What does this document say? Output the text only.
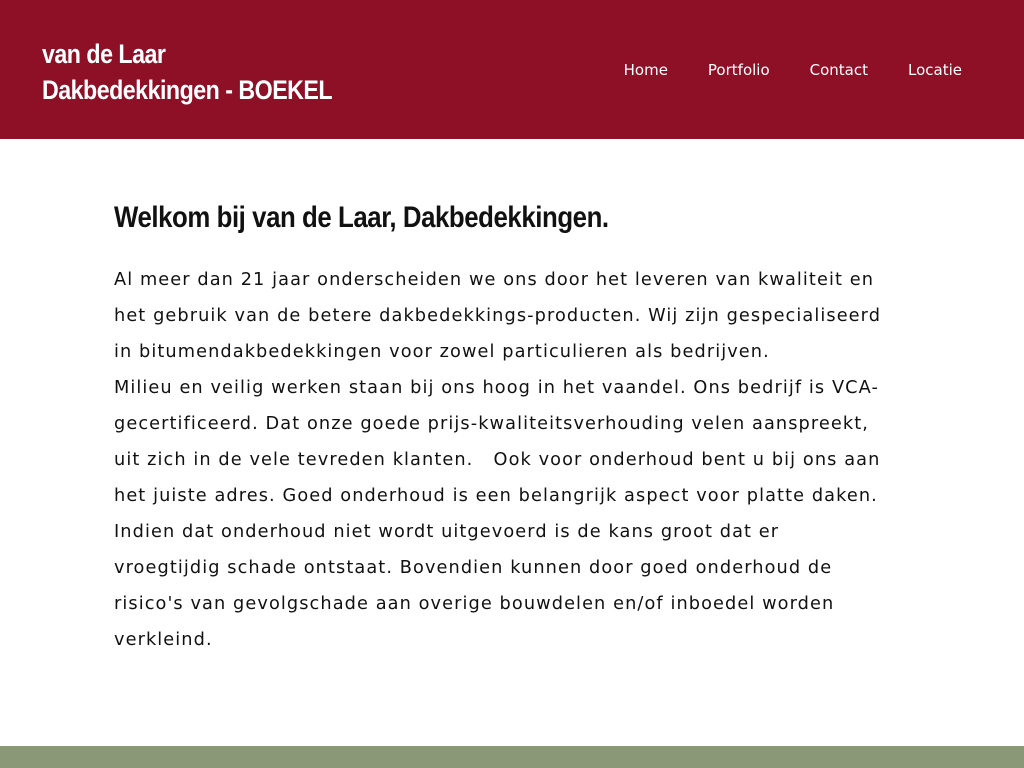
van de Laar
Dakbedekkingen - BOEKEL
Home	Portfolio	Contact	Locatie
Welkom bij van de Laar, Dakbedekkingen.

Al meer dan 21 jaar onderscheiden we ons door het leveren van kwaliteit en het gebruik van de betere dakbedekkings-producten. Wij zijn gespecialiseerd in bitumendakbedekkingen voor zowel particulieren als bedrijven.

Milieu en veilig werken staan bij ons hoog in het vaandel. Ons bedrijf is VCA-gecertificeerd. Dat onze goede prijs-kwaliteitsverhouding velen aanspreekt, uit zich in de vele tevreden klanten.   Ook voor onderhoud bent u bij ons aan het juiste adres. Goed onderhoud is een belangrijk aspect voor platte daken. Indien dat onderhoud niet wordt uitgevoerd is de kans groot dat er vroegtijdig schade ontstaat. Bovendien kunnen door goed onderhoud de risico's van gevolgschade aan overige bouwdelen en/of inboedel worden verkleind.
